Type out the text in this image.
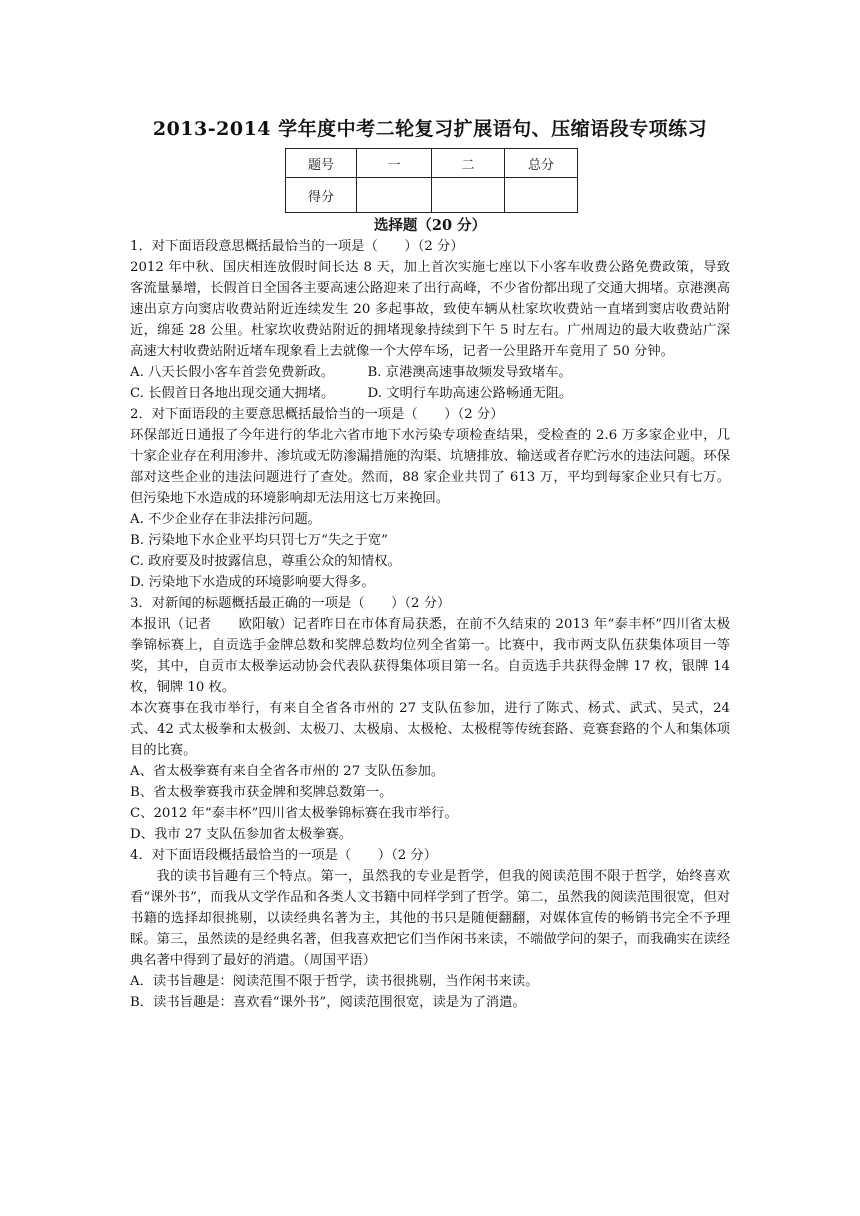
2013-2014 学年度中考二轮复习扩展语句、压缩语段专项练习
题号	一	二	总分
得分			
选择题（20 分）

1．对下面语段意思概括最恰当的一项是（　　）（2 分）

2012 年中秋、国庆相连放假时间长达 8 天，加上首次实施七座以下小客车收费公路免费政策，导致客流量暴增，长假首日全国各主要高速公路迎来了出行高峰，不少省份都出现了交通大拥堵。京港澳高速出京方向窦店收费站附近连续发生 20 多起事故，致使车辆从杜家坎收费站一直堵到窦店收费站附近，绵延 28 公里。杜家坎收费站附近的拥堵现象持续到下午 5 时左右。广州周边的最大收费站广深高速大村收费站附近堵车现象看上去就像一个大停车场，记者一公里路开车竟用了 50 分钟。

A. 八天长假小客车首尝免费新政。　　　B. 京港澳高速事故频发导致堵车。

C. 长假首日各地出现交通大拥堵。　　　D. 文明行车助高速公路畅通无阻。

2．对下面语段的主要意思概括最恰当的一项是（　　）（2 分）

环保部近日通报了今年进行的华北六省市地下水污染专项检查结果，受检查的 2.6 万多家企业中，几十家企业存在利用渗井、渗坑或无防渗漏措施的沟渠、坑塘排放、输送或者存贮污水的违法问题。环保部对这些企业的违法问题进行了查处。然而，88 家企业共罚了 613 万，平均到每家企业只有七万。但污染地下水造成的环境影响却无法用这七万来挽回。

A. 不少企业存在非法排污问题。

B. 污染地下水企业平均只罚七万“失之于宽”

C. 政府要及时披露信息，尊重公众的知情权。

D. 污染地下水造成的环境影响要大得多。

3．对新闻的标题概括最正确的一项是（　　）（2 分）

本报讯（记者　　欧阳敏）记者昨日在市体育局获悉，在前不久结束的 2013 年“泰丰杯”四川省太极拳锦标赛上，自贡选手金牌总数和奖牌总数均位列全省第一。比赛中，我市两支队伍获集体项目一等奖，其中，自贡市太极拳运动协会代表队获得集体项目第一名。自贡选手共获得金牌 17 枚，银牌 14 枚，铜牌 10 枚。

本次赛事在我市举行，有来自全省各市州的 27 支队伍参加，进行了陈式、杨式、武式、吴式，24 式、42 式太极拳和太极剑、太极刀、太极扇、太极枪、太极棍等传统套路、竞赛套路的个人和集体项目的比赛。

A、省太极拳赛有来自全省各市州的 27 支队伍参加。

B、省太极拳赛我市获金牌和奖牌总数第一。

C、2012 年“泰丰杯”四川省太极拳锦标赛在我市举行。

D、我市 27 支队伍参加省太极拳赛。

4．对下面语段概括最恰当的一项是（　　）（2 分）

我的读书旨趣有三个特点。第一，虽然我的专业是哲学，但我的阅读范围不限于哲学，始终喜欢看“课外书”，而我从文学作品和各类人文书籍中同样学到了哲学。第二，虽然我的阅读范围很宽，但对书籍的选择却很挑剔，以读经典名著为主，其他的书只是随便翻翻，对媒体宣传的畅销书完全不予理睬。第三，虽然读的是经典名著，但我喜欢把它们当作闲书来读，不端做学问的架子，而我确实在读经典名著中得到了最好的消遣。（周国平语）

A．读书旨趣是：阅读范围不限于哲学，读书很挑剔，当作闲书来读。

B．读书旨趣是：喜欢看“课外书”，阅读范围很宽，读是为了消遣。
